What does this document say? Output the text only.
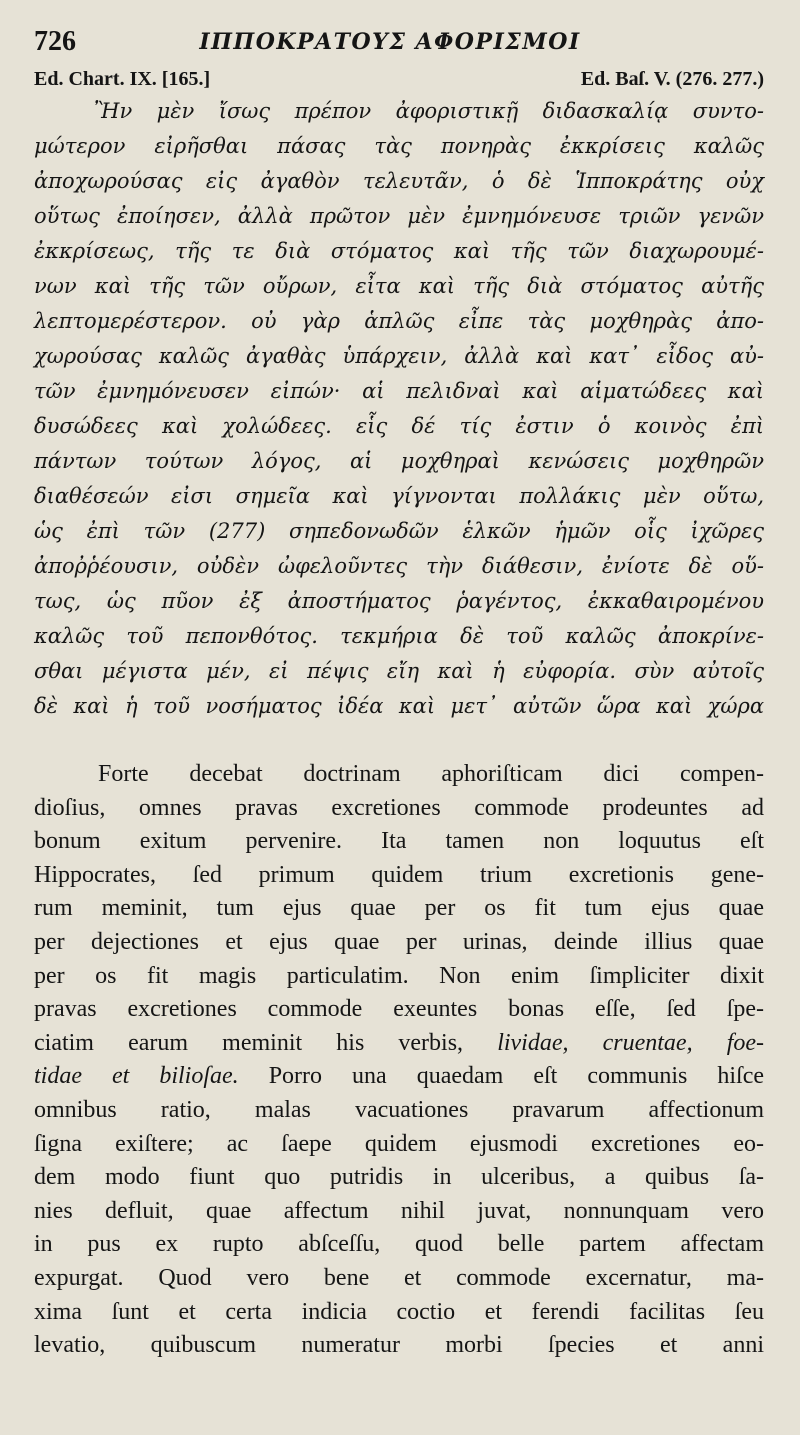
726	ΙΠΠΟΚΡΑΤΟΥΣ ΑΦΟΡΙΣΜΟΙ
Ed. Chart. IX. [165.]	Ed. Baſ. V. (276. 277.)
Ἢν μὲν ἴσως πρέπον ἀφοριστικῇ διδασκαλίᾳ συντο-
μώτερον εἰρῆσθαι πάσας τὰς πονηρὰς ἐκκρίσεις καλῶς
ἀποχωρούσας εἰς ἀγαθὸν τελευτᾶν, ὁ δὲ Ἱπποκράτης οὐχ
οὕτως ἐποίησεν, ἀλλὰ πρῶτον μὲν ἐμνημόνευσε τριῶν γενῶν
ἐκκρίσεως, τῆς τε διὰ στόματος καὶ τῆς τῶν διαχωρουμέ-
νων καὶ τῆς τῶν οὔρων, εἶτα καὶ τῆς διὰ στόματος αὐτῆς
λεπτομερέστερον. οὐ γὰρ ἁπλῶς εἶπε τὰς μοχθηρὰς ἀπο-
χωρούσας καλῶς ἀγαθὰς ὑπάρχειν, ἀλλὰ καὶ κατ᾽ εἶδος αὐ-
τῶν ἐμνημόνευσεν εἰπών· αἱ πελιδναὶ καὶ αἱματώδεες καὶ
δυσώδεες καὶ χολώδεες. εἷς δέ τίς ἐστιν ὁ κοινὸς ἐπὶ
πάντων τούτων λόγος, αἱ μοχθηραὶ κενώσεις μοχθηρῶν
διαθέσεών εἰσι σημεῖα καὶ γίγνονται πολλάκις μὲν οὕτω,
ὡς ἐπὶ τῶν (277) σηπεδονωδῶν ἑλκῶν ἡμῶν οἷς ἰχῶρες
ἀποῤῥέουσιν, οὐδὲν ὠφελοῦντες τὴν διάθεσιν, ἐνίοτε δὲ οὕ-
τως, ὡς πῦον ἐξ ἀποστήματος ῥαγέντος, ἐκκαθαιρομένου
καλῶς τοῦ πεπονθότος. τεκμήρια δὲ τοῦ καλῶς ἀποκρίνε-
σθαι μέγιστα μέν, εἰ πέψις εἴη καὶ ἡ εὐφορία. σὺν αὐτοῖς
δὲ καὶ ἡ τοῦ νοσήματος ἰδέα καὶ μετ᾽ αὐτῶν ὥρα καὶ χώρα
Forte decebat doctrinam aphoriſticam dici compen-
dioſius, omnes pravas excretiones commode prodeuntes ad
bonum exitum pervenire. Ita tamen non loquutus eſt
Hippocrates, ſed primum quidem trium excretionis gene-
rum meminit, tum ejus quae per os fit tum ejus quae
per dejectiones et ejus quae per urinas, deinde illius quae
per os fit magis particulatim. Non enim ſimpliciter dixit
pravas excretiones commode exeuntes bonas eſſe, ſed ſpe-
ciatim earum meminit his verbis, lividae, cruentae, foe-
tidae et bilioſae. Porro una quaedam eſt communis hiſce
omnibus ratio, malas vacuationes pravarum affectionum
ſigna exiſtere; ac ſaepe quidem ejusmodi excretiones eo-
dem modo fiunt quo putridis in ulceribus, a quibus ſa-
nies defluit, quae affectum nihil juvat, nonnunquam vero
in pus ex rupto abſceſſu, quod belle partem affectam
expurgat. Quod vero bene et commode excernatur, ma-
xima ſunt et certa indicia coctio et ferendi facilitas ſeu
levatio, quibuscum numeratur morbi ſpecies et anni
